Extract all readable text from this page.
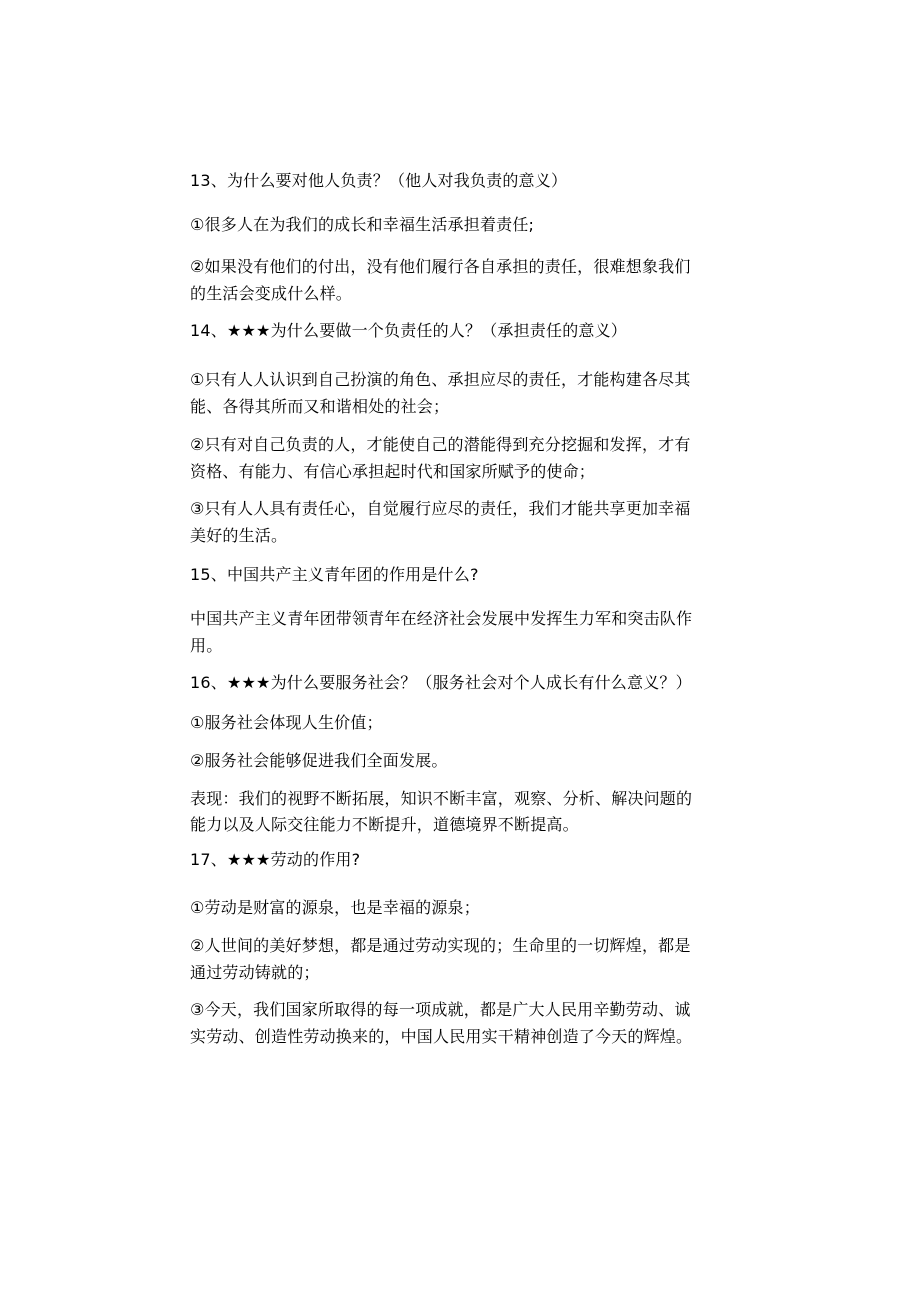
13、为什么要对他人负责？（他人对我负责的意义）
①很多人在为我们的成长和幸福生活承担着责任;
②如果没有他们的付出，没有他们履行各自承担的责任，很难想象我们
的生活会变成什么样。
14、★★★为什么要做一个负责任的人？（承担责任的意义）
①只有人人认识到自己扮演的角色、承担应尽的责任，才能构建各尽其
能、各得其所而又和谐相处的社会；
②只有对自己负责的人，才能使自己的潜能得到充分挖掘和发挥，才有
资格、有能力、有信心承担起时代和国家所赋予的使命；
③只有人人具有责任心，自觉履行应尽的责任，我们才能共享更加幸福
美好的生活。
15、中国共产主义青年团的作用是什么?
中国共产主义青年团带领青年在经济社会发展中发挥生力军和突击队作
用。
16、★★★为什么要服务社会？（服务社会对个人成长有什么意义？）
①服务社会体现人生价值；
②服务社会能够促进我们全面发展。
表现：我们的视野不断拓展，知识不断丰富，观察、分析、解决问题的
能力以及人际交往能力不断提升，道德境界不断提高。
17、★★★劳动的作用?
①劳动是财富的源泉，也是幸福的源泉；
②人世间的美好梦想，都是通过劳动实现的；生命里的一切辉煌，都是
通过劳动铸就的；
③今天，我们国家所取得的每一项成就，都是广大人民用辛勤劳动、诚
实劳动、创造性劳动换来的，中国人民用实干精神创造了今天的辉煌。
